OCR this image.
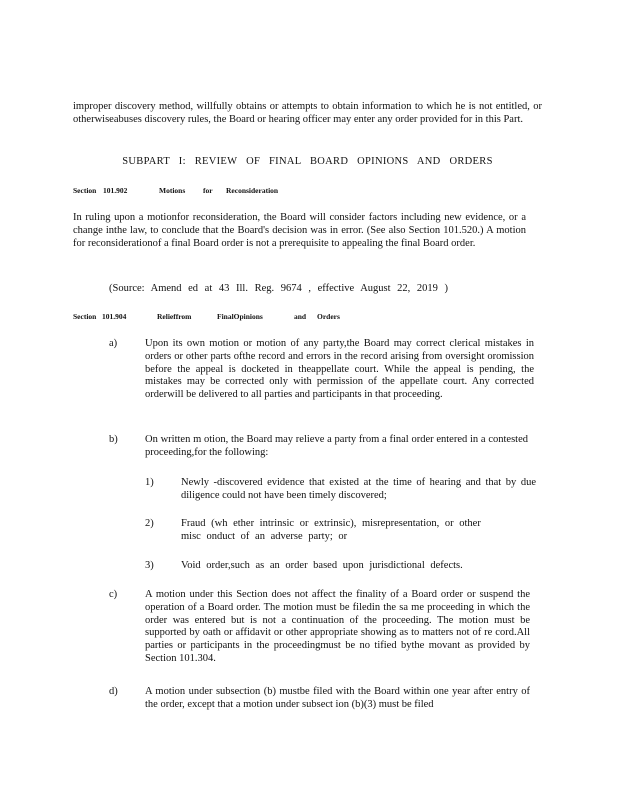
improper discovery method, willfully obtains or attempts to obtain information to which he is not entitled, or otherwiseabuses discovery rules, the Board or hearing officer may enter any order provided for in this Part.

SUBPART I: REVIEW OF FINAL BOARD OPINIONS AND ORDERS

Section 101.902	Motions for Reconsideration

In ruling upon a motionfor reconsideration, the Board will consider factors including new evidence, or a change inthe law, to conclude that the Board's decision was in error. (See also Section 101.520.) A motion for reconsiderationof a final Board order is not a prerequisite to appealing the final Board order.

(Source: Amend ed at 43 Ill. Reg. 9674 , effective August 22, 2019 )

Section 101.904	Relieffrom	FinalOpinions	and Orders
a)	Upon its own motion or motion of any party,the Board may correct clerical mistakes in orders or other parts ofthe record and errors in the record arising from oversight oromission before the appeal is docketed in theappellate court. While the appeal is pending, the mistakes may be corrected only with permission of the appellate court. Any corrected orderwill be delivered to all parties and participants in that proceeding.

b)	On written m otion, the Board may relieve a party from a final order entered in a contested proceeding,for the following:

1)	Newly -discovered evidence that existed at the time of hearing and that by due diligence could not have been timely discovered;

2)	Fraud (wh ether intrinsic or extrinsic), misrepresentation, or other misc onduct of an adverse party; or

3)	Void order,such as an order based upon jurisdictional defects.

c)	A motion under this Section does not affect the finality of a Board order or suspend the operation of a Board order. The motion must be filedin the sa me proceeding in which the order was entered but is not a continuation of the proceeding. The motion must be supported by oath or affidavit or other appropriate showing as to matters not of re cord.All parties or participants in the proceedingmust be no tified bythe movant as provided by Section 101.304.

d)	A motion under subsection (b) mustbe filed with the Board within one year after entry of the order, except that a motion under subsect ion (b)(3) must be filed
